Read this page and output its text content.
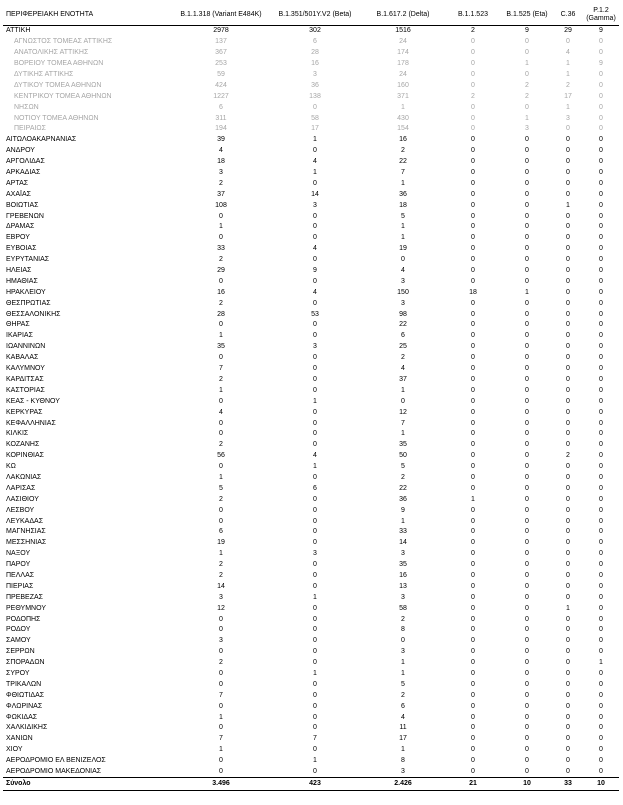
ΠΕΡΙΦΕΡΕΙΑΚΗ ΕΝΟΤΗΤΑ	B.1.1.318 (Variant E484K)	B.1.351/501Y.V2 (Beta)	B.1.617.2 (Delta)	B.1.1.523	B.1.525 (Eta)	C.36	P.1.2 (Gamma)
ΑΤΤΙΚΗ	2978	302	1516	2	9	29	9
ΑΓΝΩΣΤΟΣ ΤΟΜΕΑΣ ΑΤΤΙΚΗΣ	137	6	24	0	0	0	0
ΑΝΑΤΟΛΙΚΗΣ ΑΤΤΙΚΗΣ	367	28	174	0	0	4	0
ΒΟΡΕΙΟΥ ΤΟΜΕΑ ΑΘΗΝΩΝ	253	16	178	0	1	1	9
ΔΥΤΙΚΗΣ ΑΤΤΙΚΗΣ	59	3	24	0	0	1	0
ΔΥΤΙΚΟΥ ΤΟΜΕΑ ΑΘΗΝΩΝ	424	36	160	0	2	2	0
ΚΕΝΤΡΙΚΟΥ ΤΟΜΕΑ ΑΘΗΝΩΝ	1227	138	371	2	2	17	0
ΝΗΣΩΝ	6	0	1	0	0	1	0
ΝΟΤΙΟΥ ΤΟΜΕΑ ΑΘΗΝΩΝ	311	58	430	0	1	3	0
ΠΕΙΡΑΙΩΣ	194	17	154	0	3	0	0
ΑΙΤΩΛΟΑΚΑΡΝΑΝΙΑΣ	39	1	16	0	0	0	0
ΑΝΔΡΟΥ	4	0	2	0	0	0	0
ΑΡΓΟΛΙΔΑΣ	18	4	22	0	0	0	0
ΑΡΚΑΔΙΑΣ	3	1	7	0	0	0	0
ΑΡΤΑΣ	2	0	1	0	0	0	0
ΑΧΑΪΑΣ	37	14	36	0	0	0	0
ΒΟΙΩΤΙΑΣ	108	3	18	0	0	1	0
ΓΡΕΒΕΝΩΝ	0	0	5	0	0	0	0
ΔΡΑΜΑΣ	1	0	1	0	0	0	0
ΕΒΡΟΥ	0	0	1	0	0	0	0
ΕΥΒΟΙΑΣ	33	4	19	0	0	0	0
ΕΥΡΥΤΑΝΙΑΣ	2	0	0	0	0	0	0
ΗΛΕΙΑΣ	29	9	4	0	0	0	0
ΗΜΑΘΙΑΣ	0	0	3	0	0	0	0
ΗΡΑΚΛΕΙΟΥ	16	4	150	18	1	0	0
ΘΕΣΠΡΩΤΙΑΣ	2	0	3	0	0	0	0
ΘΕΣΣΑΛΟΝΙΚΗΣ	28	53	98	0	0	0	0
ΘΗΡΑΣ	0	0	22	0	0	0	0
ΙΚΑΡΙΑΣ	1	0	6	0	0	0	0
ΙΩΑΝΝΙΝΩΝ	35	3	25	0	0	0	0
ΚΑΒΑΛΑΣ	0	0	2	0	0	0	0
ΚΑΛΥΜΝΟΥ	7	0	4	0	0	0	0
ΚΑΡΔΙΤΣΑΣ	2	0	37	0	0	0	0
ΚΑΣΤΟΡΙΑΣ	1	0	1	0	0	0	0
ΚΕΑΣ - ΚΥΘΝΟΥ	0	1	0	0	0	0	0
ΚΕΡΚΥΡΑΣ	4	0	12	0	0	0	0
ΚΕΦΑΛΛΗΝΙΑΣ	0	0	7	0	0	0	0
ΚΙΛΚΙΣ	0	0	1	0	0	0	0
ΚΟΖΑΝΗΣ	2	0	35	0	0	0	0
ΚΟΡΙΝΘΙΑΣ	56	4	50	0	0	2	0
ΚΩ	0	1	5	0	0	0	0
ΛΑΚΩΝΙΑΣ	1	0	2	0	0	0	0
ΛΑΡΙΣΑΣ	5	6	22	0	0	0	0
ΛΑΣΙΘΙΟΥ	2	0	36	1	0	0	0
ΛΕΣΒΟΥ	0	0	9	0	0	0	0
ΛΕΥΚΑΔΑΣ	0	0	1	0	0	0	0
ΜΑΓΝΗΣΙΑΣ	6	0	33	0	0	0	0
ΜΕΣΣΗΝΙΑΣ	19	0	14	0	0	0	0
ΝΑΞΟΥ	1	3	3	0	0	0	0
ΠΑΡΟΥ	2	0	35	0	0	0	0
ΠΕΛΛΑΣ	2	0	16	0	0	0	0
ΠΙΕΡΙΑΣ	14	0	13	0	0	0	0
ΠΡΕΒΕΖΑΣ	3	1	3	0	0	0	0
ΡΕΘΥΜΝΟΥ	12	0	58	0	0	1	0
ΡΟΔΟΠΗΣ	0	0	2	0	0	0	0
ΡΟΔΟΥ	0	0	8	0	0	0	0
ΣΑΜΟΥ	3	0	0	0	0	0	0
ΣΕΡΡΩΝ	0	0	3	0	0	0	0
ΣΠΟΡΑΔΩΝ	2	0	1	0	0	0	1
ΣΥΡΟΥ	0	1	1	0	0	0	0
ΤΡΙΚΑΛΩΝ	0	0	5	0	0	0	0
ΦΘΙΩΤΙΔΑΣ	7	0	2	0	0	0	0
ΦΛΩΡΙΝΑΣ	0	0	6	0	0	0	0
ΦΩΚΙΔΑΣ	1	0	4	0	0	0	0
ΧΑΛΚΙΔΙΚΗΣ	0	0	11	0	0	0	0
ΧΑΝΙΩΝ	7	7	17	0	0	0	0
ΧΙΟΥ	1	0	1	0	0	0	0
ΑΕΡΟΔΡΟΜΙΟ ΕΛ ΒΕΝΙΖΕΛΟΣ	0	1	8	0	0	0	0
ΑΕΡΟΔΡΟΜΙΟ ΜΑΚΕΔΟΝΙΑΣ	0	0	3	0	0	0	0
Σύνολο	3.496	423	2.426	21	10	33	10
